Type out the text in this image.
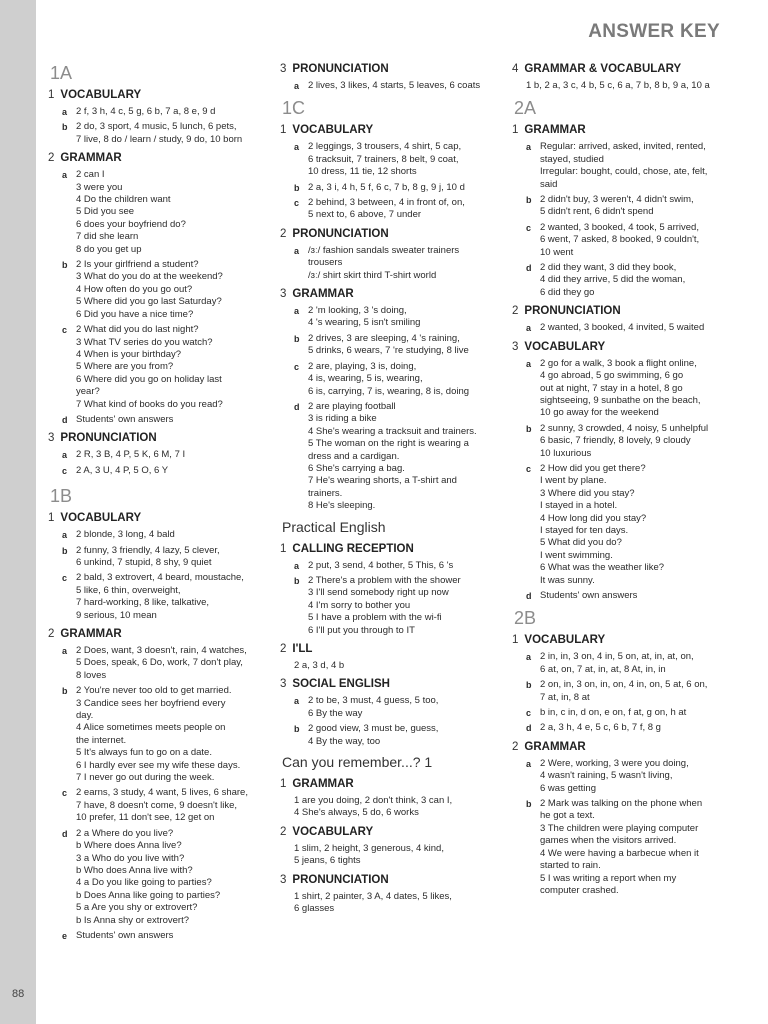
ANSWER KEY
88
1A
1 VOCABULARY
a 2 f, 3 h, 4 c, 5 g, 6 b, 7 a, 8 e, 9 d
b 2 do, 3 sport, 4 music, 5 lunch, 6 pets,
7 live, 8 do / learn / study, 9 do, 10 born
2 GRAMMAR
a 2 can I
3 were you
4 Do the children want
5 Did you see
6 does your boyfriend do?
7 did she learn
8 do you get up
b 2 Is your girlfriend a student?
3 What do you do at the weekend?
4 How often do you go out?
5 Where did you go last Saturday?
6 Did you have a nice time?
c 2 What did you do last night?
3 What TV series do you watch?
4 When is your birthday?
5 Where are you from?
6 Where did you go on holiday last
year?
7 What kind of books do you read?
d Students' own answers
3 PRONUNCIATION
a 2 R, 3 B, 4 P, 5 K, 6 M, 7 I
c 2 A, 3 U, 4 P, 5 O, 6 Y
1B
1 VOCABULARY
a 2 blonde, 3 long, 4 bald
b 2 funny, 3 friendly, 4 lazy, 5 clever,
6 unkind, 7 stupid, 8 shy, 9 quiet
c 2 bald, 3 extrovert, 4 beard, moustache,
5 like, 6 thin, overweight,
7 hard-working, 8 like, talkative,
9 serious, 10 mean
2 GRAMMAR
a 2 Does, want, 3 doesn't, rain, 4 watches,
5 Does, speak, 6 Do, work, 7 don't play,
8 loves
b 2 You're never too old to get married.
3 Candice sees her boyfriend every
day.
4 Alice sometimes meets people on
the internet.
5 It's always fun to go on a date.
6 I hardly ever see my wife these days.
7 I never go out during the week.
c 2 earns, 3 study, 4 want, 5 lives, 6 share,
7 have, 8 doesn't come, 9 doesn't like,
10 prefer, 11 don't see, 12 get on
d 2 a Where do you live?
b Where does Anna live?
3 a Who do you live with?
b Who does Anna live with?
4 a Do you like going to parties?
b Does Anna like going to parties?
5 a Are you shy or extrovert?
b Is Anna shy or extrovert?
e Students' own answers
3 PRONUNCIATION
a 2 lives, 3 likes, 4 starts, 5 leaves, 6 coats
1C
1 VOCABULARY
a 2 leggings, 3 trousers, 4 shirt, 5 cap,
6 tracksuit, 7 trainers, 8 belt, 9 coat,
10 dress, 11 tie, 12 shorts
b 2 a, 3 i, 4 h, 5 f, 6 c, 7 b, 8 g, 9 j, 10 d
c 2 behind, 3 between, 4 in front of, on,
5 next to, 6 above, 7 under
2 PRONUNCIATION
a /ɜː/ fashion sandals sweater trainers
trousers
/ɜː/ shirt skirt third T-shirt world
3 GRAMMAR
a 2 'm looking, 3 's doing,
4 's wearing, 5 isn't smiling
b 2 drives, 3 are sleeping, 4 's raining,
5 drinks, 6 wears, 7 're studying, 8 live
c 2 are, playing, 3 is, doing,
4 is, wearing, 5 is, wearing,
6 is, carrying, 7 is, wearing, 8 is, doing
d 2 are playing football
3 is riding a bike
4 She's wearing a tracksuit and trainers.
5 The woman on the right is wearing a
dress and a cardigan.
6 She's carrying a bag.
7 He's wearing shorts, a T-shirt and
trainers.
8 He's sleeping.
Practical English
1 CALLING RECEPTION
a 2 put, 3 send, 4 bother, 5 This, 6 's
b 2 There's a problem with the shower
3 I'll send somebody right up now
4 I'm sorry to bother you
5 I have a problem with the wi-fi
6 I'll put you through to IT
2 I'LL
2 a, 3 d, 4 b
3 SOCIAL ENGLISH
a 2 to be, 3 must, 4 guess, 5 too,
6 By the way
b 2 good view, 3 must be, guess,
4 By the way, too
Can you remember...? 1
1 GRAMMAR
1 are you doing, 2 don't think, 3 can I,
4 She's always, 5 do, 6 works
2 VOCABULARY
1 slim, 2 height, 3 generous, 4 kind,
5 jeans, 6 tights
3 PRONUNCIATION
1 shirt, 2 painter, 3 A, 4 dates, 5 likes,
6 glasses
4 GRAMMAR & VOCABULARY
1 b, 2 a, 3 c, 4 b, 5 c, 6 a, 7 b, 8 b, 9 a, 10 a
2A
1 GRAMMAR
a Regular: arrived, asked, invited, rented,
stayed, studied
Irregular: bought, could, chose, ate, felt,
said
b 2 didn't buy, 3 weren't, 4 didn't swim,
5 didn't rent, 6 didn't spend
c 2 wanted, 3 booked, 4 took, 5 arrived,
6 went, 7 asked, 8 booked, 9 couldn't,
10 went
d 2 did they want, 3 did they book,
4 did they arrive, 5 did the woman,
6 did they go
2 PRONUNCIATION
a 2 wanted, 3 booked, 4 invited, 5 waited
3 VOCABULARY
a 2 go for a walk, 3 book a flight online,
4 go abroad, 5 go swimming, 6 go
out at night, 7 stay in a hotel, 8 go
sightseeing, 9 sunbathe on the beach,
10 go away for the weekend
b 2 sunny, 3 crowded, 4 noisy, 5 unhelpful
6 basic, 7 friendly, 8 lovely, 9 cloudy
10 luxurious
c 2 How did you get there?
I went by plane.
3 Where did you stay?
I stayed in a hotel.
4 How long did you stay?
I stayed for ten days.
5 What did you do?
I went swimming.
6 What was the weather like?
It was sunny.
d Students' own answers
2B
1 VOCABULARY
a 2 in, in, 3 on, 4 in, 5 on, at, in, at, on,
6 at, on, 7 at, in, at, 8 At, in, in
b 2 on, in, 3 on, in, on, 4 in, on, 5 at, 6 on,
7 at, in, 8 at
c b in, c in, d on, e on, f at, g on, h at
d 2 a, 3 h, 4 e, 5 c, 6 b, 7 f, 8 g
2 GRAMMAR
a 2 Were, working, 3 were you doing,
4 wasn't raining, 5 wasn't living,
6 was getting
b 2 Mark was talking on the phone when
he got a text.
3 The children were playing computer
games when the visitors arrived.
4 We were having a barbecue when it
started to rain.
5 I was writing a report when my
computer crashed.
